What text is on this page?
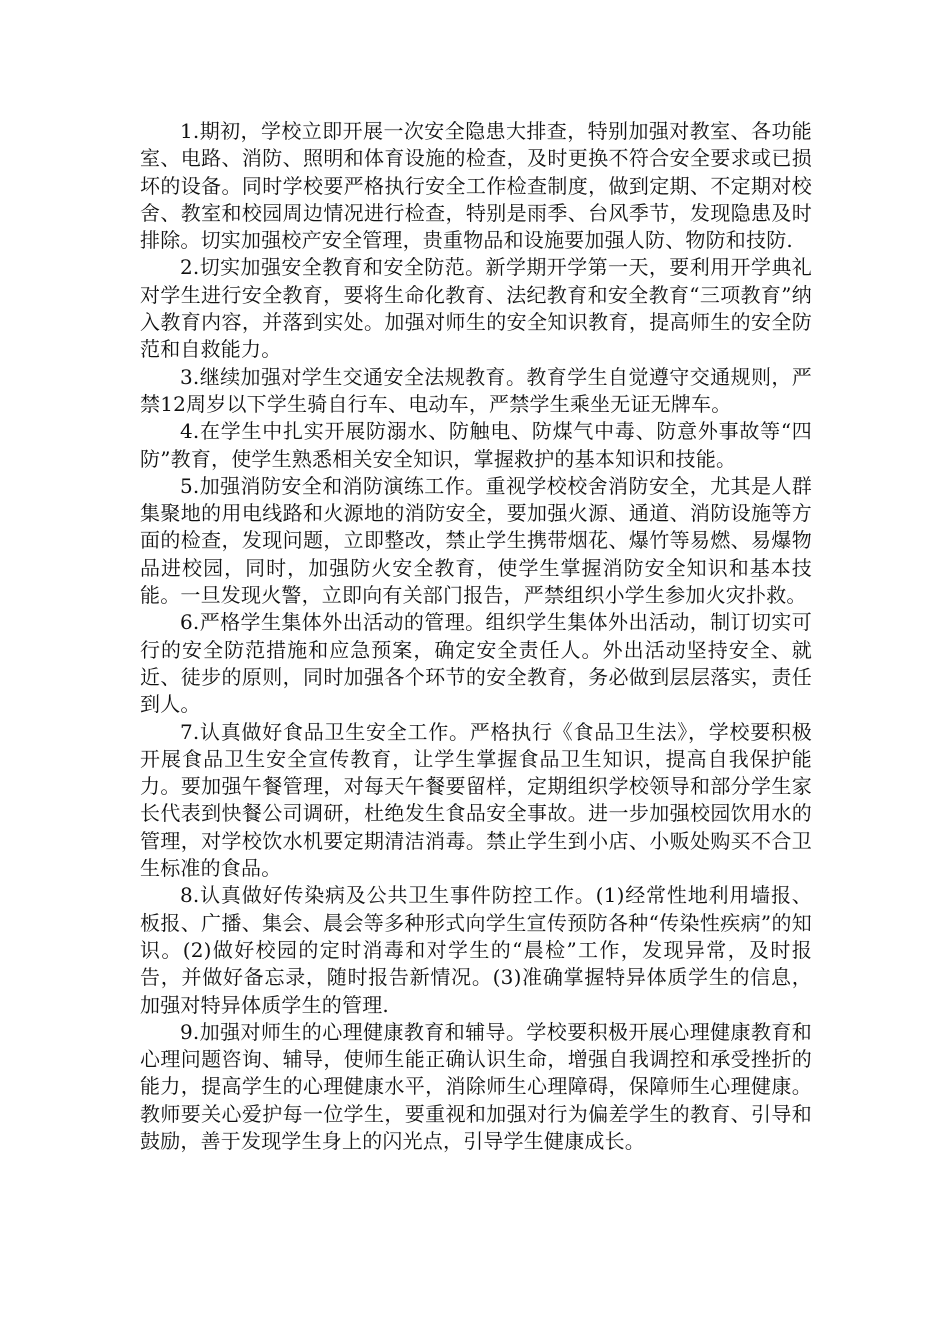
1.期初，学校立即开展一次安全隐患大排查，特别加强对教室、各功能室、电路、消防、照明和体育设施的检查，及时更换不符合安全要求或已损坏的设备。同时学校要严格执行安全工作检查制度，做到定期、不定期对校舍、教室和校园周边情况进行检查，特别是雨季、台风季节，发现隐患及时排除。切实加强校产安全管理，贵重物品和设施要加强人防、物防和技防.

2.切实加强安全教育和安全防范。新学期开学第一天，要利用开学典礼对学生进行安全教育，要将生命化教育、法纪教育和安全教育“三项教育”纳入教育内容，并落到实处。加强对师生的安全知识教育，提高师生的安全防范和自救能力。

3.继续加强对学生交通安全法规教育。教育学生自觉遵守交通规则，严禁12周岁以下学生骑自行车、电动车，严禁学生乘坐无证无牌车。

4.在学生中扎实开展防溺水、防触电、防煤气中毒、防意外事故等“四防”教育，使学生熟悉相关安全知识，掌握救护的基本知识和技能。

5.加强消防安全和消防演练工作。重视学校校舍消防安全，尤其是人群集聚地的用电线路和火源地的消防安全，要加强火源、通道、消防设施等方面的检查，发现问题，立即整改，禁止学生携带烟花、爆竹等易燃、易爆物品进校园，同时，加强防火安全教育，使学生掌握消防安全知识和基本技能。一旦发现火警，立即向有关部门报告，严禁组织小学生参加火灾扑救。

6.严格学生集体外出活动的管理。组织学生集体外出活动，制订切实可行的安全防范措施和应急预案，确定安全责任人。外出活动坚持安全、就近、徒步的原则，同时加强各个环节的安全教育，务必做到层层落实，责任到人。

7.认真做好食品卫生安全工作。严格执行《食品卫生法》，学校要积极开展食品卫生安全宣传教育，让学生掌握食品卫生知识，提高自我保护能力。要加强午餐管理，对每天午餐要留样，定期组织学校领导和部分学生家长代表到快餐公司调研，杜绝发生食品安全事故。进一步加强校园饮用水的管理，对学校饮水机要定期清洁消毒。禁止学生到小店、小贩处购买不合卫生标准的食品。

8.认真做好传染病及公共卫生事件防控工作。(1)经常性地利用墙报、板报、广播、集会、晨会等多种形式向学生宣传预防各种“传染性疾病”的知识。(2)做好校园的定时消毒和对学生的“晨检”工作，发现异常，及时报告，并做好备忘录，随时报告新情况。(3)准确掌握特异体质学生的信息，加强对特异体质学生的管理.

9.加强对师生的心理健康教育和辅导。学校要积极开展心理健康教育和心理问题咨询、辅导，使师生能正确认识生命，增强自我调控和承受挫折的能力，提高学生的心理健康水平，消除师生心理障碍，保障师生心理健康。教师要关心爱护每一位学生，要重视和加强对行为偏差学生的教育、引导和鼓励，善于发现学生身上的闪光点，引导学生健康成长。
